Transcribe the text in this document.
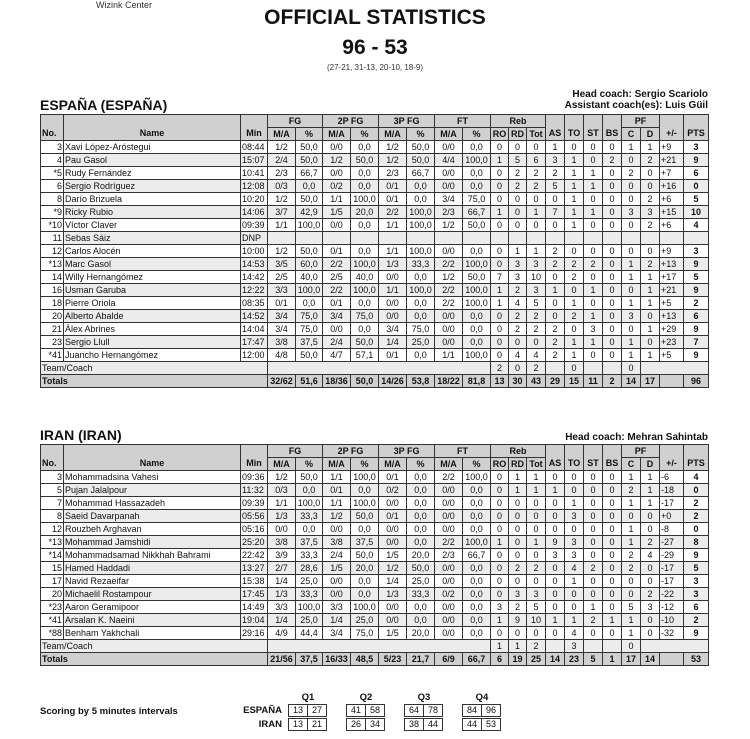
Wizink Center
OFFICIAL STATISTICS
96 - 53
(27-21, 31-13, 20-10, 18-9)
ESPAÑA (ESPAÑA)
Head coach: Sergio Scariolo
Assistant coach(es): Luis Güil
			FG		2P FG		3P FG		FT		Reb							PF			
No.	Name	Min	M/A	%	M/A	%	M/A	%	M/A	%	RO	RD	Tot	AS	TO	ST	BS	C	D	+/-	PTS
3	Xavi López-Aróstegui	08:44	1/2	50,0	0/0	0,0	1/2	50,0	0/0	0,0	0	0	0	1	0	0	0	1	1	+9	3
4	Pau Gasol	15:07	2/4	50,0	1/2	50,0	1/2	50,0	4/4	100,0	1	5	6	3	1	0	2	0	2	+21	9
*5	Rudy Fernández	10:41	2/3	66,7	0/0	0,0	2/3	66,7	0/0	0,0	0	2	2	2	1	1	0	2	0	+7	6
6	Sergio Rodríguez	12:08	0/3	0,0	0/2	0,0	0/1	0,0	0/0	0,0	0	2	2	5	1	1	0	0	0	+16	0
8	Darío Brizuela	10:20	1/2	50,0	1/1	100,0	0/1	0,0	3/4	75,0	0	0	0	0	1	0	0	0	2	+6	5
*9	Ricky Rubio	14:06	3/7	42,9	1/5	20,0	2/2	100,0	2/3	66,7	1	0	1	7	1	1	0	3	3	+15	10
*10	Víctor Claver	09:39	1/1	100,0	0/0	0,0	1/1	100,0	1/2	50,0	0	0	0	0	1	0	0	0	2	+6	4
11	Sebas Sáiz	DNP																			
12	Carlos Alocén	10:00	1/2	50,0	0/1	0,0	1/1	100,0	0/0	0,0	0	1	1	2	0	0	0	0	0	+9	3
*13	Marc Gasol	14:53	3/5	60,0	2/2	100,0	1/3	33,3	2/2	100,0	0	3	3	2	2	2	0	1	2	+13	9
14	Willy Hernangómez	14:42	2/5	40,0	2/5	40,0	0/0	0,0	1/2	50,0	7	3	10	0	2	0	0	1	1	+17	5
16	Usman Garuba	12:22	3/3	100,0	2/2	100,0	1/1	100,0	2/2	100,0	1	2	3	1	0	1	0	0	1	+21	9
18	Pierre Oriola	08:35	0/1	0,0	0/1	0,0	0/0	0,0	2/2	100,0	1	4	5	0	1	0	0	1	1	+5	2
20	Alberto Abalde	14:52	3/4	75,0	3/4	75,0	0/0	0,0	0/0	0,0	0	2	2	0	2	1	0	3	0	+13	6
21	Álex Abrines	14:04	3/4	75,0	0/0	0,0	3/4	75,0	0/0	0,0	0	2	2	2	0	3	0	0	1	+29	9
23	Sergio Llull	17:47	3/8	37,5	2/4	50,0	1/4	25,0	0/0	0,0	0	0	0	2	1	1	0	1	0	+23	7
*41	Juancho Hernangómez	12:00	4/8	50,0	4/7	57,1	0/1	0,0	1/1	100,0	0	4	4	2	1	0	0	1	1	+5	9
Team/Coach											2	0	2		0			0			
Totals			32/62	51,6	18/36	50,0	14/26	53,8	18/22	81,8	13	30	43	29	15	11	2	14	17		96
IRAN (IRAN)	Head coach: Mehran Sahintab
			FG		2P FG		3P FG		FT		Reb							PF			
No.	Name	Min	M/A	%	M/A	%	M/A	%	M/A	%	RO	RD	Tot	AS	TO	ST	BS	C	D	+/-	PTS
3	Mohammadsina Vahesi	09:36	1/2	50,0	1/1	100,0	0/1	0,0	2/2	100,0	0	1	1	0	0	0	0	1	1	-6	4
5	Pujan Jalalpour	11:32	0/3	0,0	0/1	0,0	0/2	0,0	0/0	0,0	0	1	1	1	0	0	0	2	1	-18	0
7	Mohammad Hassazadeh	09:39	1/1	100,0	1/1	100,0	0/0	0,0	0/0	0,0	0	0	0	0	1	0	0	1	1	-17	2
8	Saeid Davarpanah	05:56	1/3	33,3	1/2	50,0	0/1	0,0	0/0	0,0	0	0	0	0	3	0	0	0	0	+0	2
12	Rouzbeh Arghavan	05:16	0/0	0,0	0/0	0,0	0/0	0,0	0/0	0,0	0	0	0	0	0	0	0	1	0	-8	0
*13	Mohammad Jamshidi	25:20	3/8	37,5	3/8	37,5	0/0	0,0	2/2	100,0	1	0	1	9	3	0	0	1	2	-27	8
*14	Mohammadsamad Nikkhah Bahrami	22:42	3/9	33,3	2/4	50,0	1/5	20,0	2/3	66,7	0	0	0	3	3	0	0	2	4	-29	9
15	Hamed Haddadi	13:27	2/7	28,6	1/5	20,0	1/2	50,0	0/0	0,0	0	2	2	0	4	2	0	2	0	-17	5
17	Navid Rezaeifar	15:38	1/4	25,0	0/0	0,0	1/4	25,0	0/0	0,0	0	0	0	0	1	0	0	0	0	-17	3
20	Michaelil Rostampour	17:45	1/3	33,3	0/0	0,0	1/3	33,3	0/2	0,0	0	3	3	0	0	0	0	0	2	-22	3
*23	Aaron Geramipoor	14:49	3/3	100,0	3/3	100,0	0/0	0,0	0/0	0,0	3	2	5	0	0	1	0	5	3	-12	6
*41	Arsalan K. Naeini	19:04	1/4	25,0	1/4	25,0	0/0	0,0	0/0	0,0	1	9	10	1	1	2	1	1	0	-10	2
*88	Benham Yakhchali	29:16	4/9	44,4	3/4	75,0	1/5	20,0	0/0	0,0	0	0	0	0	4	0	0	1	0	-32	9
Team/Coach											1	1	2		3			0			
Totals			21/56	37,5	16/33	48,5	5/23	21,7	6/9	66,7	6	19	25	14	23	5	1	17	14		53
Scoring by 5 minutes intervals
Q1	Q2	Q3	Q4
ESPAÑA	13 27	41 58	64 78	84 96
IRAN	13 21	26 34	38 44	44 53
